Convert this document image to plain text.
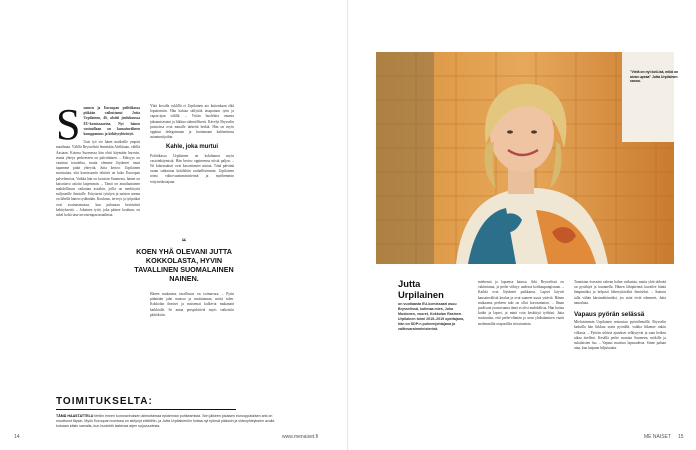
S uomen ja Euroopan politiikassa pitkään vaikuttanut Jutta Urpilainen, 46, aloitti joulukuussa EU-komissaarina. Nyt hänen vastuullaan on kansainvälinen kumppanuus ja kehitysyhteistyö.

Uusi työ vie hänet matkoille ympäri maailmaa. Välillä Brysselistä lennetään Afrikkaan, välillä Aasiaan. Kotona Suomessa hän ehtii käymään harvoin, mutta yhteys perheeseen on päivittäinen. – Etäisyys on vaatinut totuttelua, mutta olemme löytäneet omat tapamme pitää yhteyttä, Jutta kertoo. Urpilainen muistuttaa, että komissaarin tehtävä on koko Euroopan palvelemista. Vaikka hän on kotoisin Suomesta, hänen on katsottava asioita laajemmin. – Tämä on ainutlaatuinen mahdollisuus vaikuttaa asioihin, joilla on merkitystä miljoonille ihmisille. Erityisesti tyttöjen ja naisten asema on lähellä hänen sydäntään. Koulutus, terveys ja työpaikat ovat avainasemassa, kun puhutaan kestävästä kehityksestä. – Jokainen tyttö, joka pääsee kouluun, on askel kohti tasa-arvoisempaa maailmaa.

Yhtä kovalla syklillä ei Urpilainen aio kuitenkaan elää loputtomiin. Hän haluaa säilyttää tasapainon työn ja vapaa-ajan välillä. – Yritän huolehtia omasta jaksamisestani ja liikkua säännöllisesti. Kävelyt Brysselin puistoissa ovat minulle tärkeitä hetkiä. Hän on myös oppinut delegoimaan ja luottamaan kabinettinsa asiantuntijoihin.

Kahle, joka murtui

Politiikassa Urpilainen on kohdannut myös vastoinkäymisiä. Hän kertoo oppineensa niistä paljon. – Ne kokemukset ovat kasvattaneet minua. Tänä päivänä osaan suhtautua kritiikkiin rauhallisemmin. Urpilainen toimi valtiovarainministerinä ja myöhemmin erityisedustajana.

“
KOEN YHÄ OLEVANI JUTTA KOKKOLASTA, HYVIN TAVALLINEN SUOMALAINEN NAINEN.

Hänen mukaansa tavallisuus on voimavara. – Pyrin pitämään jalat maassa ja muistamaan, mistä tulen. Kokkolan ihmiset ja maisemat kulkevat mukanani kaikkialle. Se antaa perspektiiviä myös vaikeisiin päätöksiin.

TOIMITUKSELTA:
TÄMÄ HAASTATTELU tehtiin ennen koronaviruksen aiheuttamaa epidemian puhkeamista. Sen jälkeen jokaisen eurooppalaisen arki on muuttunut täysin. Myös Euroopan komissa on siirtynyt etätöihin, ja Jutta Urpilainenkin hoitaa nyt työnsä pääosin ja videoyhteyksien avulla kotoaan käsin samalla, kun huolehtii lastensa arjen sujuvuudesta.
14	www.menaiset.fi
"Vielä on nyt koti-isä, mikä on aivan upeaa" Jutta Urpilainen sanoo.
Jutta Urpilainen
on vuotiaasta EU-komissaari asuu Brysselissä, kotimaa mies, Juha Mustonen, vuoret, Kokkolan Rasinen. Urpilainen toimi 2015–2019 opettajana, hän on SDP:n puheenjohtajana ja valtiovarainministerinä.

miehensä ja lapsensa kanssa. Arki Brysselissä on vakiintunut, ja perhe viihtyy uudessa kotikaupungissaan. – Kaikki ovat löytäneet paikkansa. Lapset käyvät kansainvälistä koulua ja ovat saaneet uusia ystäviä. Hänen mukaansa perheen tuki on ollut korvaamaton. – Ilman puolisoni joustavuutta tämä ei olisi mahdollista. Hän hoitaa kodin ja lapset, ja minä voin keskittyä työhöni. Jutta muistuttaa, että perhe-elämän ja uran yhdistäminen vaatii molemmilta osapuolilta sitoutumista.

Tunnistan itsessäni vahvan halun vaikuttaa, mutta yhtä tärkeää on pysähtyä ja kuunnella. Hänen lähipiirinsä kuvailee häntä lämpimäksi ja helposti lähestyttäväksi ihmiseksi. – Saatoin tulla vähän kärsimättömäksi, jos asiat eivät edenneet, Jutta naurahtaa.

Vapaus pyörän selässä

Mieluisimmin Urpilainen rentoutuu pyöräilemällä. Brysselin kaduilla hän liikkuu usein pyörällä, vaikka liikenne onkin vilkasta. – Pyörän selässä ajatukset selkiytyvät ja saan hetken aikaa itselleni. Kesällä perhe suuntaa Suomeen, mökille ja sukulaisten luo. – Vapaus muistuu lapsuudesta. Sinne palaan aina, kun kaipaan hiljaisuutta.

ME NAISET 15
